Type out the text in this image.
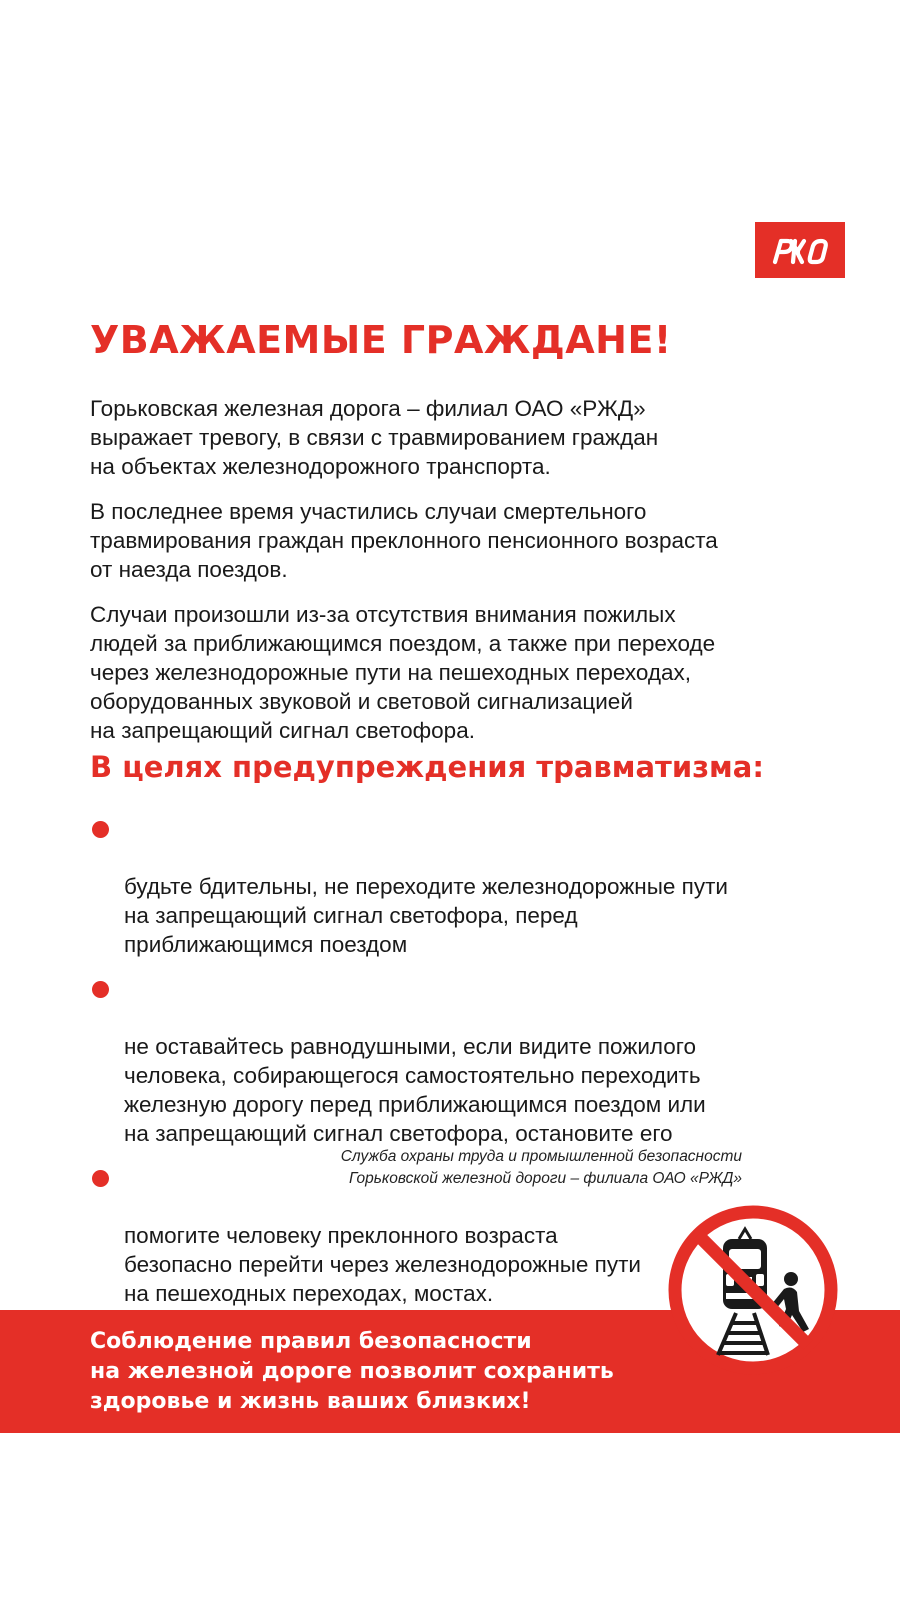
УВАЖАЕМЫЕ ГРАЖДАНЕ!

Горьковская железная дорога – филиал ОАО «РЖД»
выражает тревогу, в связи с травмированием граждан
на объектах железнодорожного транспорта.

В последнее время участились случаи смертельного
травмирования граждан преклонного пенсионного возраста
от наезда поездов.

Случаи произошли из-за отсутствия внимания пожилых
людей за приближающимся поездом, а также при переходе
через железнодорожные пути на пешеходных переходах,
оборудованных звуковой и световой сигнализацией
на запрещающий сигнал светофора.

В целях предупреждения травматизма:

будьте бдительны, не переходите железнодорожные пути
на запрещающий сигнал светофора, перед
приближающимся поездом

не оставайтесь равнодушными, если видите пожилого
человека, собирающегося самостоятельно переходить
железную дорогу перед приближающимся поездом или
на запрещающий сигнал светофора, остановите его

помогите человеку преклонного возраста
безопасно перейти через железнодорожные пути
на пешеходных переходах, мостах.

Служба охраны труда и промышленной безопасности
Горьковской железной дороги – филиала ОАО «РЖД»

Соблюдение правил безопасности
на железной дороге позволит сохранить
здоровье и жизнь ваших близких!
